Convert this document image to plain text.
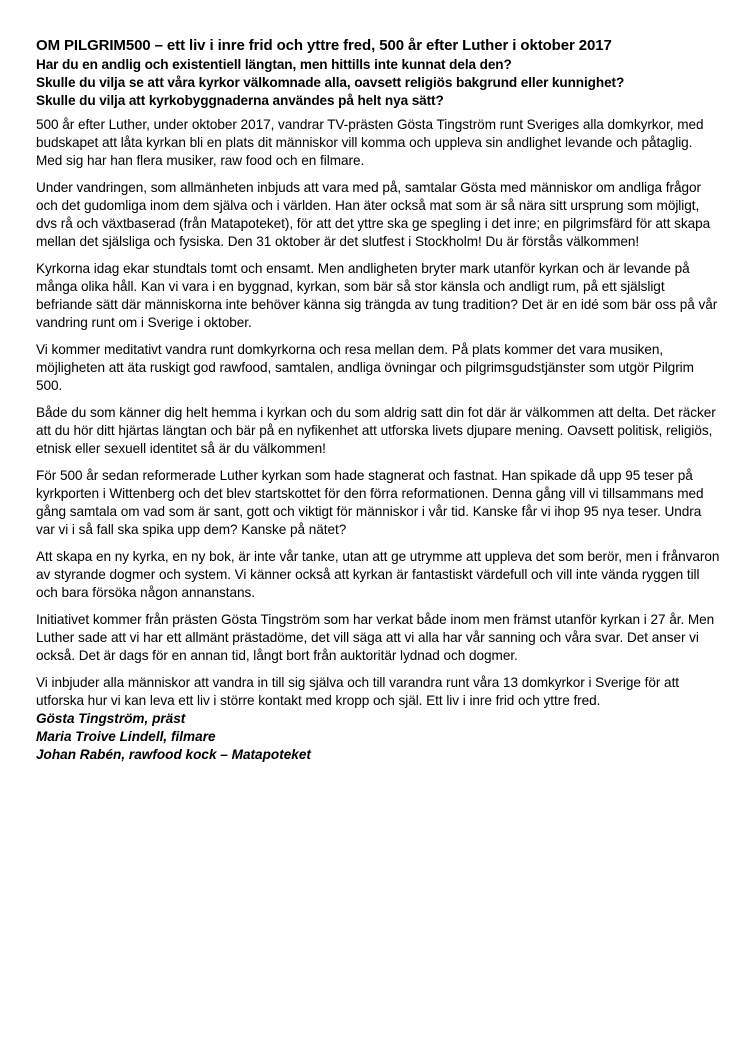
OM PILGRIM500 – ett liv i inre frid och yttre fred, 500 år efter Luther i oktober 2017

Har du en andlig och existentiell längtan, men hittills inte kunnat dela den?

Skulle du vilja se att våra kyrkor välkomnade alla, oavsett religiös bakgrund eller kunnighet?

Skulle du vilja att kyrkobyggnaderna användes på helt nya sätt?

500 år efter Luther, under oktober 2017, vandrar TV-prästen Gösta Tingström runt Sveriges alla domkyrkor, med budskapet att låta kyrkan bli en plats dit människor vill komma och uppleva sin andlighet levande och påtaglig. Med sig har han flera musiker, raw food och en filmare.

Under vandringen, som allmänheten inbjuds att vara med på, samtalar Gösta med människor om andliga frågor och det gudomliga inom dem själva och i världen. Han äter också mat som är så nära sitt ursprung som möjligt, dvs rå och växtbaserad (från Matapoteket), för att det yttre ska ge spegling i det inre; en pilgrimsfärd för att skapa mellan det själsliga och fysiska. Den 31 oktober är det slutfest i Stockholm! Du är förstås välkommen!

Kyrkorna idag ekar stundtals tomt och ensamt. Men andligheten bryter mark utanför kyrkan och är levande på många olika håll. Kan vi vara i en byggnad, kyrkan, som bär så stor känsla och andligt rum, på ett själsligt befriande sätt där människorna inte behöver känna sig trängda av tung tradition? Det är en idé som bär oss på vår vandring runt om i Sverige i oktober.

Vi kommer meditativt vandra runt domkyrkorna och resa mellan dem. På plats kommer det vara musiken, möjligheten att äta ruskigt god rawfood, samtalen, andliga övningar och pilgrimsgudstjänster som utgör Pilgrim 500.

Både du som känner dig helt hemma i kyrkan och du som aldrig satt din fot där är välkommen att delta. Det räcker att du hör ditt hjärtas längtan och bär på en nyfikenhet att utforska livets djupare mening. Oavsett politisk, religiös, etnisk eller sexuell identitet så är du välkommen!

För 500 år sedan reformerade Luther kyrkan som hade stagnerat och fastnat. Han spikade då upp 95 teser på kyrkporten i Wittenberg och det blev startskottet för den förra reformationen. Denna gång vill vi tillsammans med gång samtala om vad som är sant, gott och viktigt för människor i vår tid. Kanske får vi ihop 95 nya teser. Undra var vi i så fall ska spika upp dem? Kanske på nätet?

Att skapa en ny kyrka, en ny bok, är inte vår tanke, utan att ge utrymme att uppleva det som berör, men i frånvaron av styrande dogmer och system. Vi känner också att kyrkan är fantastiskt värdefull och vill inte vända ryggen till och bara försöka någon annanstans.

Initiativet kommer från prästen Gösta Tingström som har verkat både inom men främst utanför kyrkan i 27 år. Men Luther sade att vi har ett allmänt prästadöme, det vill säga att vi alla har vår sanning och våra svar. Det anser vi också. Det är dags för en annan tid, långt bort från auktoritär lydnad och dogmer.

Vi inbjuder alla människor att vandra in till sig själva och till varandra runt våra 13 domkyrkor i Sverige för att utforska hur vi kan leva ett liv i större kontakt med kropp och själ. Ett liv i inre frid och yttre fred.

Gösta Tingström, präst

Maria Troive Lindell, filmare

Johan Rabén, rawfood kock – Matapoteket
